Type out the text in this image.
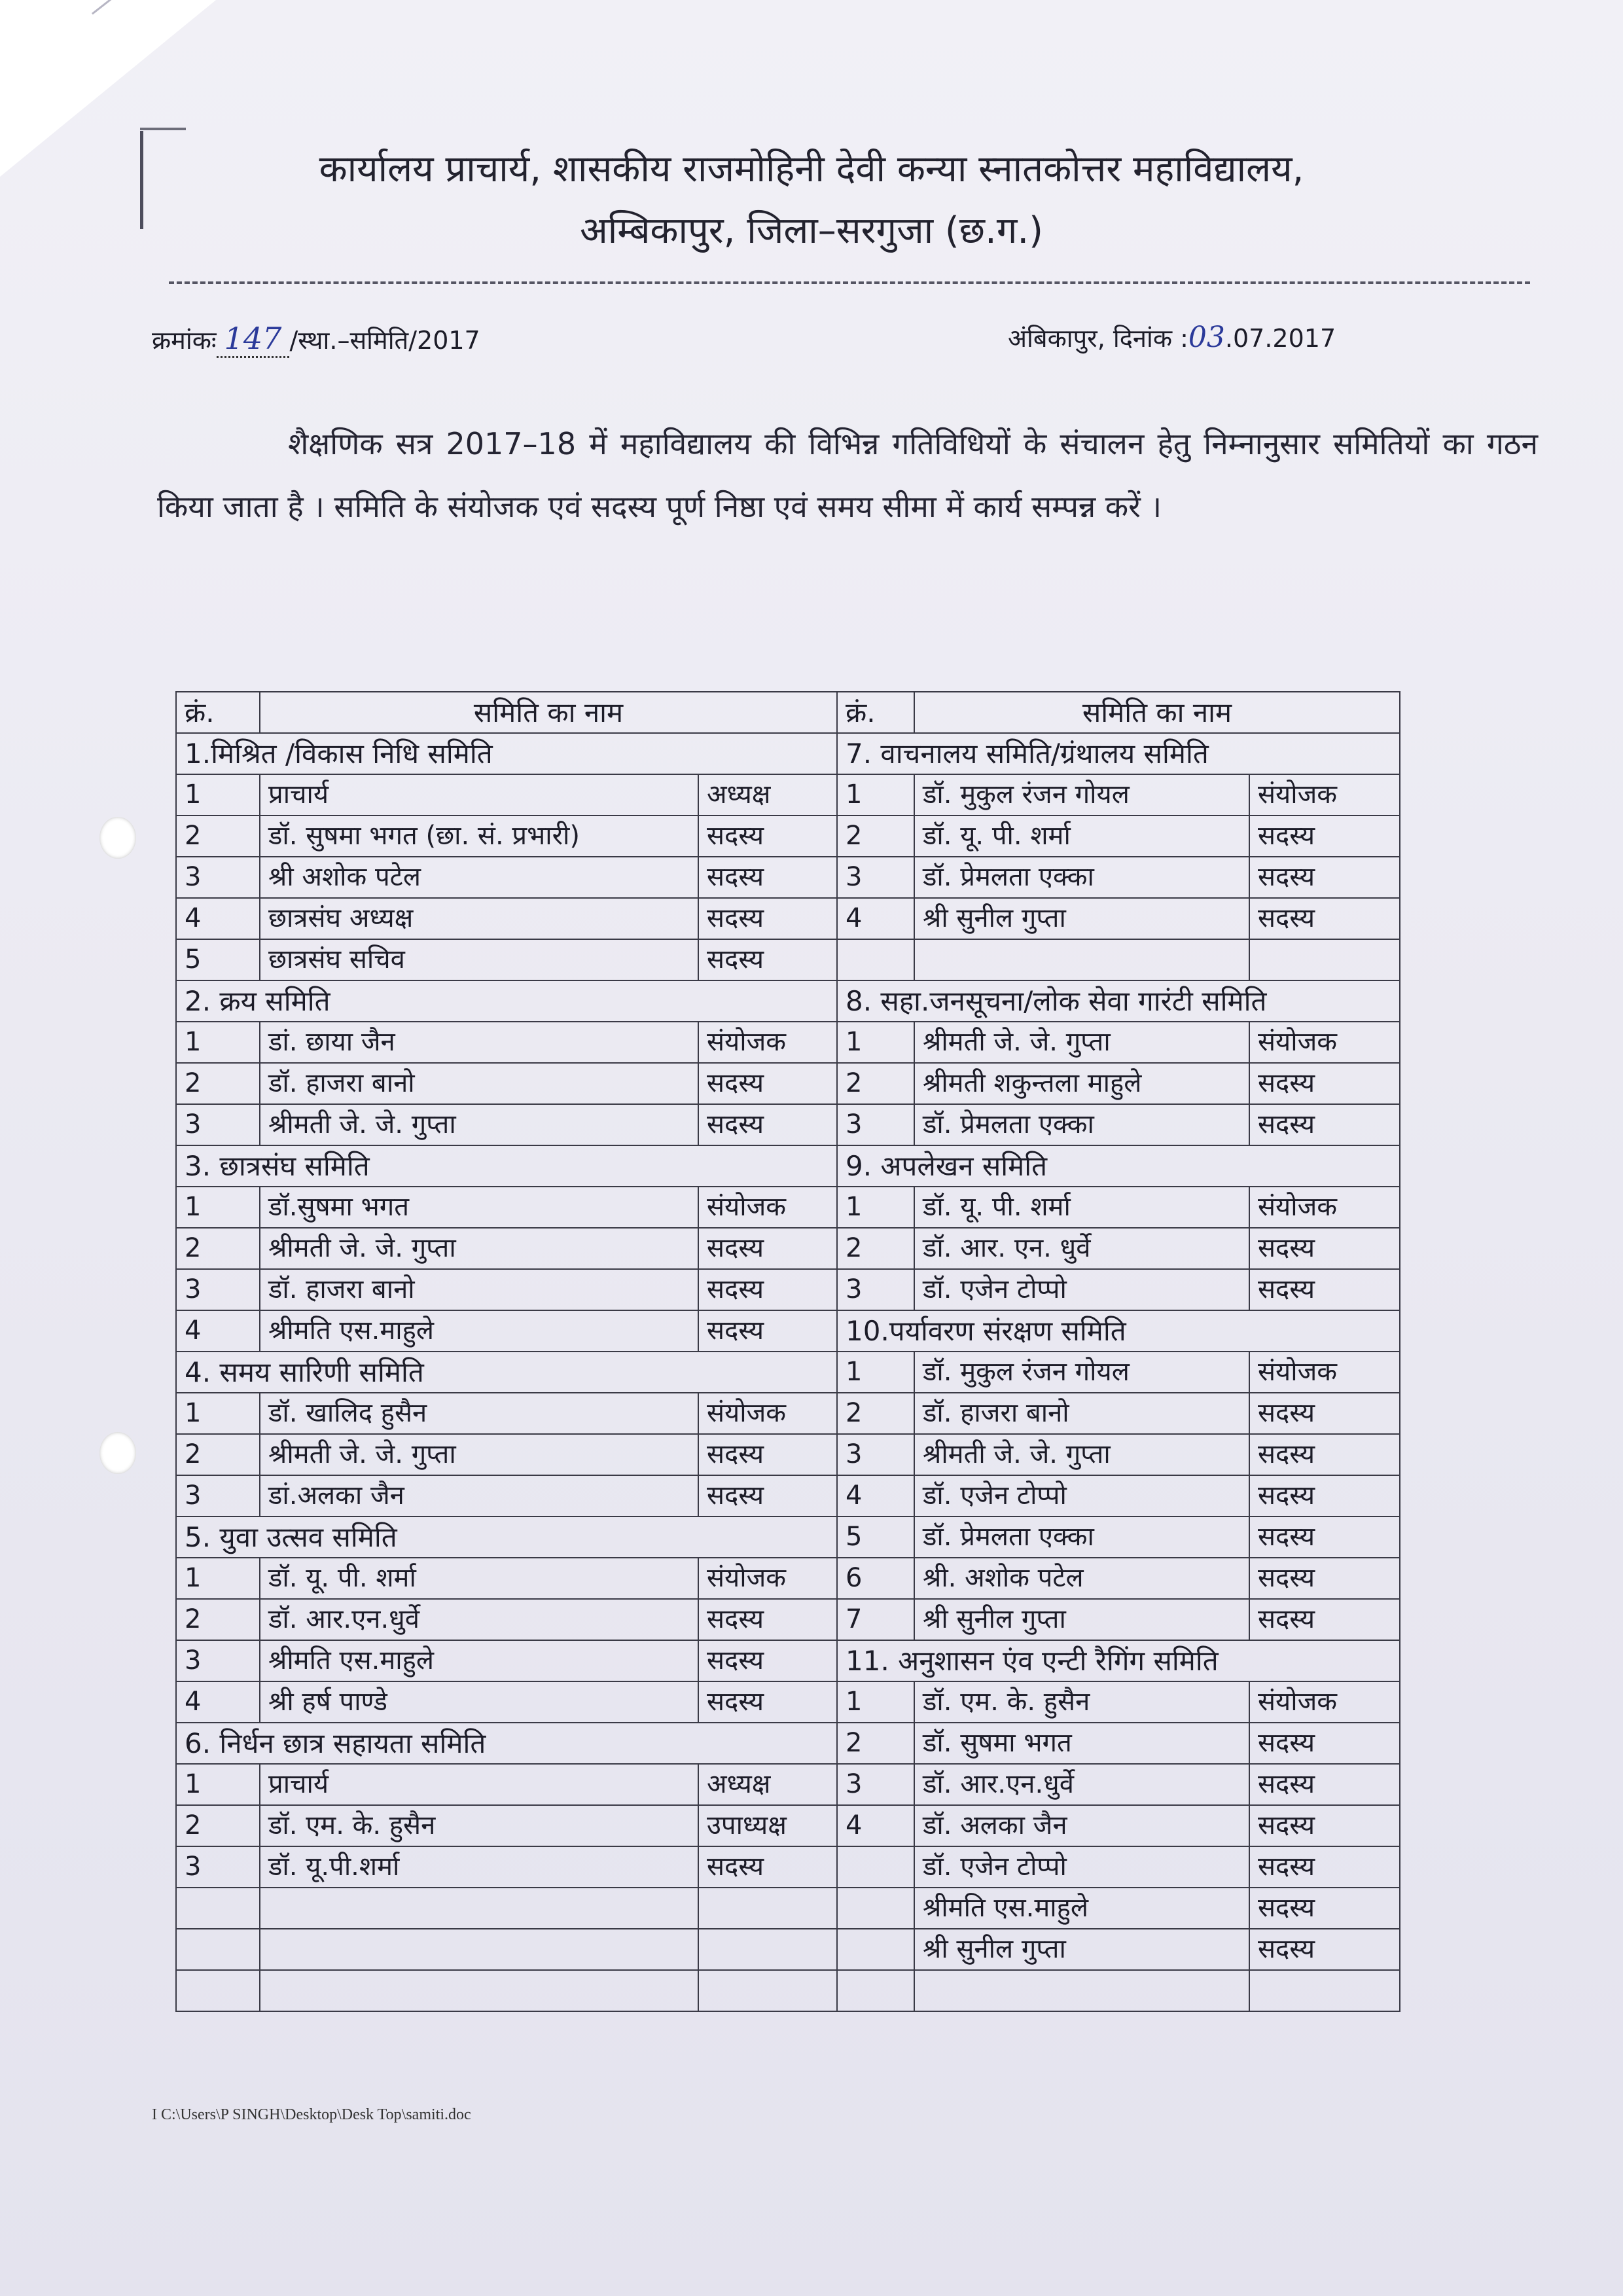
कार्यालय प्राचार्य, शासकीय राजमोहिनी देवी कन्या स्नातकोत्तर महाविद्यालय,
अम्बिकापुर, जिला–सरगुजा (छ.ग.)
क्रमांकः 147 /स्था.–समिति/2017	अंबिकापुर, दिनांक :03.07.2017
शैक्षणिक सत्र 2017–18 में महाविद्यालय की विभिन्न गतिविधियों के संचालन हेतु निम्नानुसार समितियों का गठन किया जाता है । समिति के संयोजक एवं सदस्य पूर्ण निष्ठा एवं समय सीमा में कार्य सम्पन्न करें ।
क्रं.	समिति का नाम		क्रं.	समिति का नाम	
1.मिश्रित /विकास निधि समिति			7. वाचनालय समिति/ग्रंथालय समिति		
1	प्राचार्य	अध्यक्ष	1	डॉ. मुकुल रंजन गोयल	संयोजक
2	डॉ. सुषमा भगत (छा. सं. प्रभारी)	सदस्य	2	डॉ. यू. पी. शर्मा	सदस्य
3	श्री अशोक पटेल	सदस्य	3	डॉ. प्रेमलता एक्का	सदस्य
4	छात्रसंघ अध्यक्ष	सदस्य	4	श्री सुनील गुप्ता	सदस्य
5	छात्रसंघ सचिव	सदस्य			
2. क्रय समिति			8. सहा.जनसूचना/लोक सेवा गारंटी समिति		
1	डां. छाया जैन	संयोजक	1	श्रीमती जे. जे. गुप्ता	संयोजक
2	डॉ. हाजरा बानो	सदस्य	2	श्रीमती शकुन्तला माहुले	सदस्य
3	श्रीमती जे. जे. गुप्ता	सदस्य	3	डॉ. प्रेमलता एक्का	सदस्य
3. छात्रसंघ समिति			9. अपलेखन समिति		
1	डॉ.सुषमा भगत	संयोजक	1	डॉ. यू. पी. शर्मा	संयोजक
2	श्रीमती जे. जे. गुप्ता	सदस्य	2	डॉ. आर. एन. धुर्वे	सदस्य
3	डॉ. हाजरा बानो	सदस्य	3	डॉ. एजेन टोप्पो	सदस्य
4	श्रीमति एस.माहुले	सदस्य	10.पर्यावरण संरक्षण समिति		
4. समय सारिणी समिति			1	डॉ. मुकुल रंजन गोयल	संयोजक
1	डॉ. खालिद हुसैन	संयोजक	2	डॉ. हाजरा बानो	सदस्य
2	श्रीमती जे. जे. गुप्ता	सदस्य	3	श्रीमती जे. जे. गुप्ता	सदस्य
3	डां.अलका जैन	सदस्य	4	डॉ. एजेन टोप्पो	सदस्य
5. युवा उत्सव समिति			5	डॉ. प्रेमलता एक्का	सदस्य
1	डॉ. यू. पी. शर्मा	संयोजक	6	श्री. अशोक पटेल	सदस्य
2	डॉ. आर.एन.धुर्वे	सदस्य	7	श्री सुनील गुप्ता	सदस्य
3	श्रीमति एस.माहुले	सदस्य	11. अनुशासन एंव एन्टी रैगिंग समिति		
4	श्री हर्ष पाण्डे	सदस्य	1	डॉ. एम. के. हुसैन	संयोजक
6. निर्धन छात्र सहायता समिति			2	डॉ. सुषमा भगत	सदस्य
1	प्राचार्य	अध्यक्ष	3	डॉ. आर.एन.धुर्वे	सदस्य
2	डॉ. एम. के. हुसैन	उपाध्यक्ष	4	डॉ. अलका जैन	सदस्य
3	डॉ. यू.पी.शर्मा	सदस्य		डॉ. एजेन टोप्पो	सदस्य
				श्रीमति एस.माहुले	सदस्य
				श्री सुनील गुप्ता	सदस्य

I C:\Users\P SINGH\Desktop\Desk Top\samiti.doc
